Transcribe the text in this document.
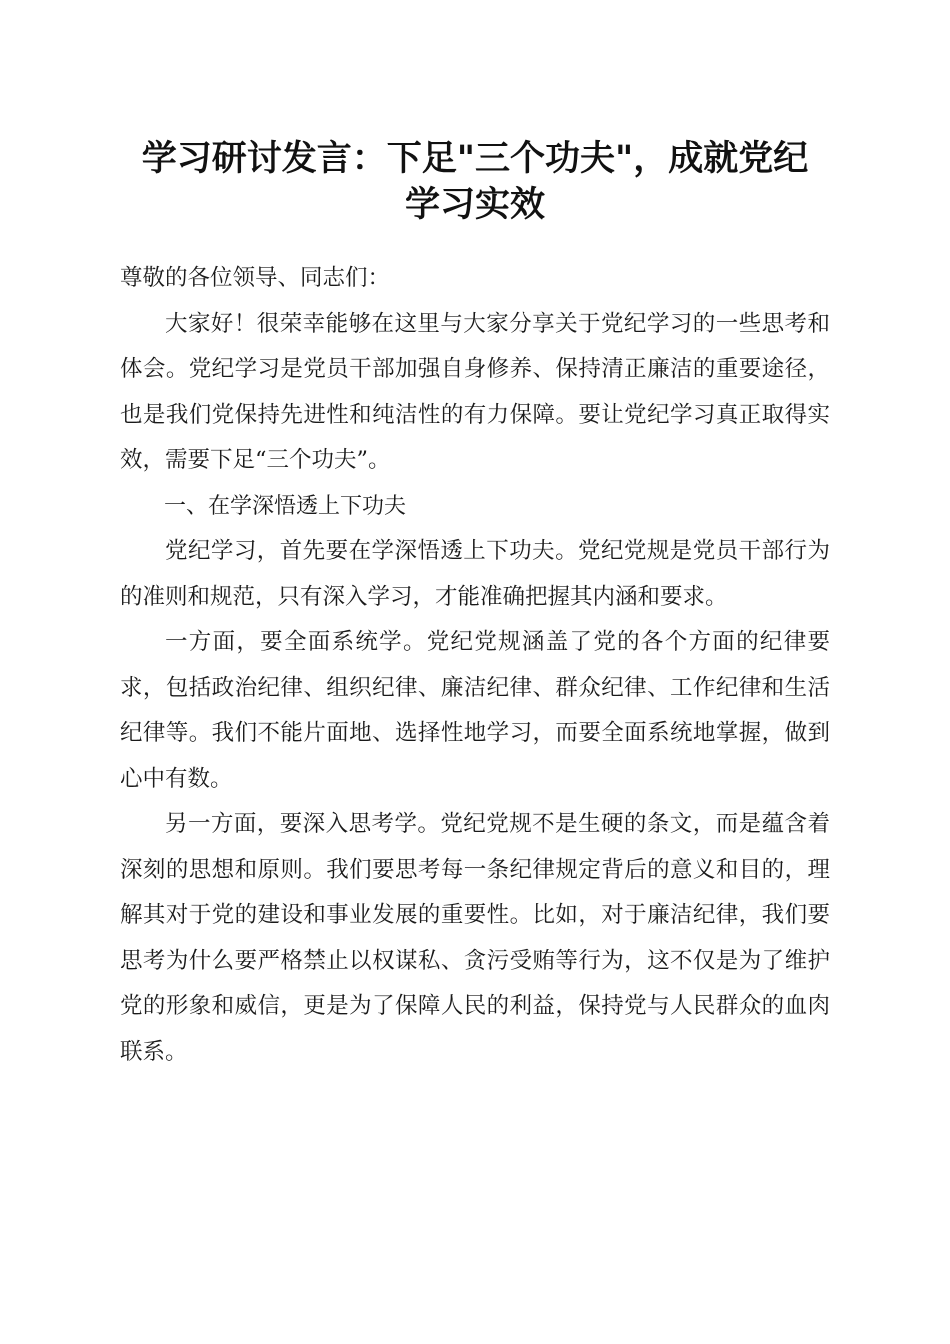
学习研讨发言：下足"三个功夫"，成就党纪
学习实效

尊敬的各位领导、同志们：

大家好！很荣幸能够在这里与大家分享关于党纪学习的一些思考和体会。党纪学习是党员干部加强自身修养、保持清正廉洁的重要途径，也是我们党保持先进性和纯洁性的有力保障。要让党纪学习真正取得实效，需要下足“三个功夫”。

一、在学深悟透上下功夫

党纪学习，首先要在学深悟透上下功夫。党纪党规是党员干部行为的准则和规范，只有深入学习，才能准确把握其内涵和要求。

一方面，要全面系统学。党纪党规涵盖了党的各个方面的纪律要求，包括政治纪律、组织纪律、廉洁纪律、群众纪律、工作纪律和生活纪律等。我们不能片面地、选择性地学习，而要全面系统地掌握，做到心中有数。

另一方面，要深入思考学。党纪党规不是生硬的条文，而是蕴含着深刻的思想和原则。我们要思考每一条纪律规定背后的意义和目的，理解其对于党的建设和事业发展的重要性。比如，对于廉洁纪律，我们要思考为什么要严格禁止以权谋私、贪污受贿等行为，这不仅是为了维护党的形象和威信，更是为了保障人民的利益，保持党与人民群众的血肉联系。
